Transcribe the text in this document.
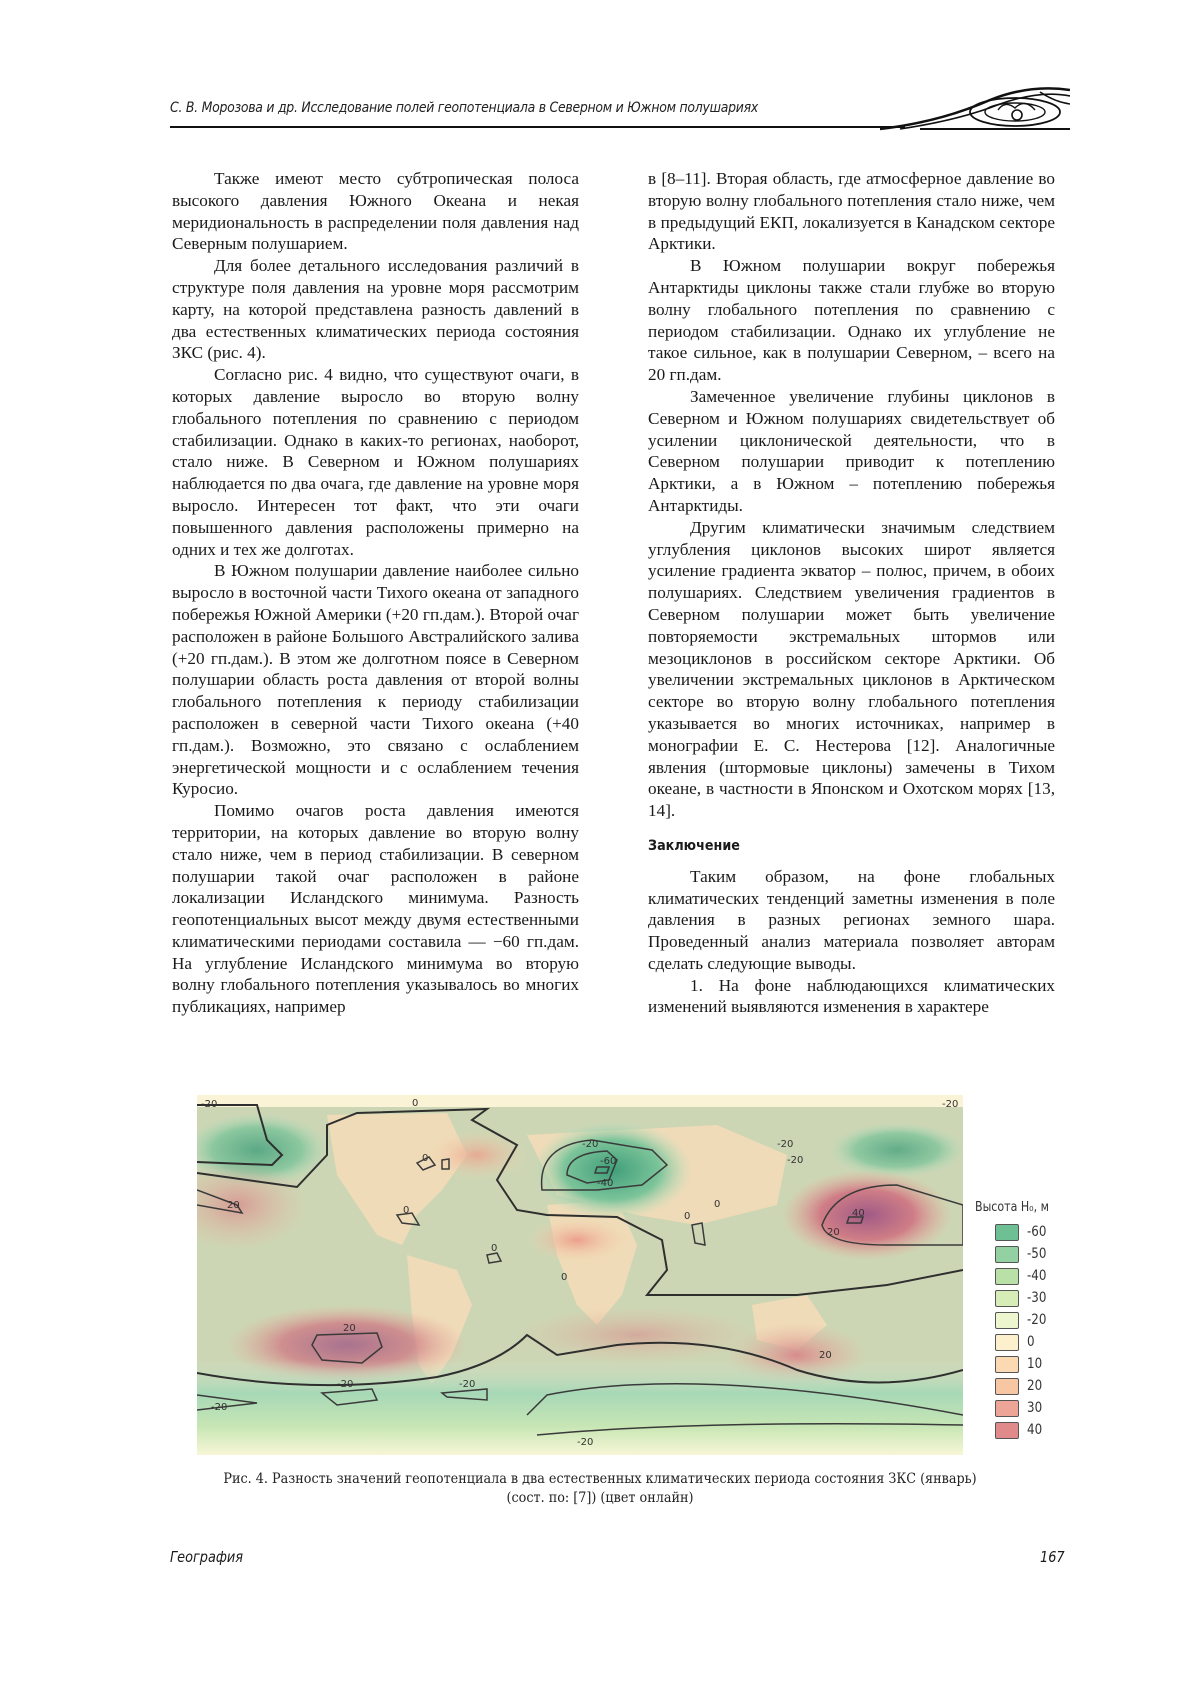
С. В. Морозова и др. Исследование полей геопотенциала в Северном и Южном полушариях

Также имеют место субтропическая полоса высокого давления Южного Океана и некая меридиональность в распределении поля давления над Северным полушарием.

Для более детального исследования различий в структуре поля давления на уровне моря рассмотрим карту, на которой представлена разность давлений в два естественных климатических периода состояния ЗКС (рис. 4).

Согласно рис. 4 видно, что существуют очаги, в которых давление выросло во вторую волну глобального потепления по сравнению с периодом стабилизации. Однако в каких-то регионах, наоборот, стало ниже. В Северном и Южном полушариях наблюдается по два очага, где давление на уровне моря выросло. Интересен тот факт, что эти очаги повышенного давления расположены примерно на одних и тех же долготах.

В Южном полушарии давление наиболее сильно выросло в восточной части Тихого океана от западного побережья Южной Америки (+20 гп.дам.). Второй очаг расположен в районе Большого Австралийского залива (+20 гп.дам.). В этом же долготном поясе в Северном полушарии область роста давления от второй волны глобального потепления к периоду стабилизации расположен в северной части Тихого океана (+40 гп.дам.). Возможно, это связано с ослаблением энергетической мощности и с ослаблением течения Куросио.

Помимо очагов роста давления имеются территории, на которых давление во вторую волну стало ниже, чем в период стабилизации. В северном полушарии такой очаг расположен в районе локализации Исландского минимума. Разность геопотенциальных высот между двумя естественными климатическими периодами составила — −60 гп.дам. На углубление Исландского минимума во вторую волну глобального потепления указывалось во многих публикациях, например

в [8–11]. Вторая область, где атмосферное давление во вторую волну глобального потепления стало ниже, чем в предыдущий ЕКП, локализуется в Канадском секторе Арктики.

В Южном полушарии вокруг побережья Антарктиды циклоны также стали глубже во вторую волну глобального потепления по сравнению с периодом стабилизации. Однако их углубление не такое сильное, как в полушарии Северном, – всего на 20 гп.дам.

Замеченное увеличение глубины циклонов в Северном и Южном полушариях свидетельствует об усилении циклонической деятельности, что в Северном полушарии приводит к потеплению Арктики, а в Южном – потеплению побережья Антарктиды.

Другим климатически значимым следствием углубления циклонов высоких широт является усиление градиента экватор – полюс, причем, в обоих полушариях. Следствием увеличения градиентов в Северном полушарии может быть увеличение повторяемости экстремальных штормов или мезоциклонов в российском секторе Арктики. Об увеличении экстремальных циклонов в Арктическом секторе во вторую волну глобального потепления указывается во многих источниках, например в монографии Е. С. Нестерова [12]. Аналогичные явления (штормовые циклоны) замечены в Тихом океане, в частности в Японском и Охотском морях [13, 14].

Заключение

Таким образом, на фоне глобальных климатических тенденций заметны изменения в поле давления в разных регионах земного шара. Проведенный анализ материала позволяет авторам сделать следующие выводы.

1. На фоне наблюдающихся климатических изменений выявляются изменения в характере

0
-20	-20
-20
-60
-40
40
20
20
20
20
-20
-20
-20
-20	-20
-20
0
0
0
0
0
0	Высота H₀, м
-60
-50
-40
-30
-20
0
10
20
30
40
Рис. 4. Разность значений геопотенциала в два естественных климатических периода состояния ЗКС (январь)
(сост. по: [7]) (цвет онлайн)
География	167
